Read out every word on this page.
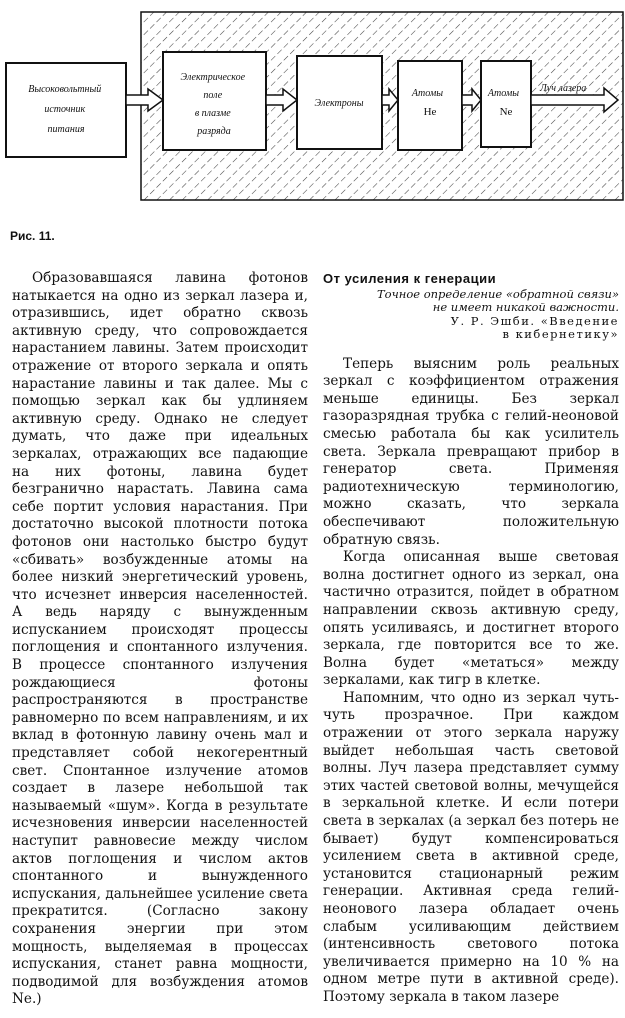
Высоковольтный источник питания
Электрическое поле в плазме разряда
Электроны
Атомы He
Атомы Ne
Луч лазера
Рис. 11.

Образовавшаяся лавина фотонов натыкается на одно из зеркал лазера и, отразившись, идет обратно сквозь активную среду, что сопровождается нарастанием лавины. Затем происходит отражение от второго зеркала и опять нарастание лавины и так далее. Мы с помощью зеркал как бы удлиняем активную среду. Однако не следует думать, что даже при идеальных зеркалах, отражающих все падающие на них фотоны, лавина будет безгранично нарастать. Лавина сама себе портит условия нарастания. При достаточно высокой плотности потока фотонов они настолько быстро будут «сбивать» возбужденные атомы на более низкий энергетический уровень, что исчезнет инверсия населенностей. А ведь наряду с вынужденным испусканием происходят процессы поглощения и спонтанного излучения. В процессе спонтанного излучения рождающиеся фотоны распространяются в пространстве равномерно по всем направлениям, и их вклад в фотонную лавину очень мал и представляет собой некогерентный свет. Спонтанное излучение атомов создает в лазере небольшой так называемый «шум». Когда в результате исчезновения инверсии населенностей наступит равновесие между числом актов поглощения и числом актов спонтанного и вынужденного испускания, дальнейшее усиление света прекратится. (Согласно закону сохранения энергии при этом мощность, выделяемая в процессах испускания, станет равна мощности, подводимой для возбуждения атомов Ne.)

От усиления к генерации

Точное определение «обратной связи»
не имеет никакой важности.
У. Р. Эшби. «Введение
в кибернетику»

Теперь выясним роль реальных зеркал с коэффициентом отражения меньше единицы. Без зеркал газоразрядная трубка с гелий-неоновой смесью работала бы как усилитель света. Зеркала превращают прибор в генератор света. Применяя радиотехническую терминологию, можно сказать, что зеркала обеспечивают положительную обратную связь.

Когда описанная выше световая волна достигнет одного из зеркал, она частично отразится, пойдет в обратном направлении сквозь активную среду, опять усиливаясь, и достигнет второго зеркала, где повторится все то же. Волна будет «метаться» между зеркалами, как тигр в клетке.

Напомним, что одно из зеркал чуть-чуть прозрачное. При каждом отражении от этого зеркала наружу выйдет небольшая часть световой волны. Луч лазера представляет сумму этих частей световой волны, мечущейся в зеркальной клетке. И если потери света в зеркалах (а зеркал без потерь не бывает) будут компенсироваться усилением света в активной среде, установится стационарный режим генерации. Активная среда гелий-неонового лазера обладает очень слабым усиливающим действием (интенсивность светового потока увеличивается примерно на 10 % на одном метре пути в активной среде). Поэтому зеркала в таком лазере
